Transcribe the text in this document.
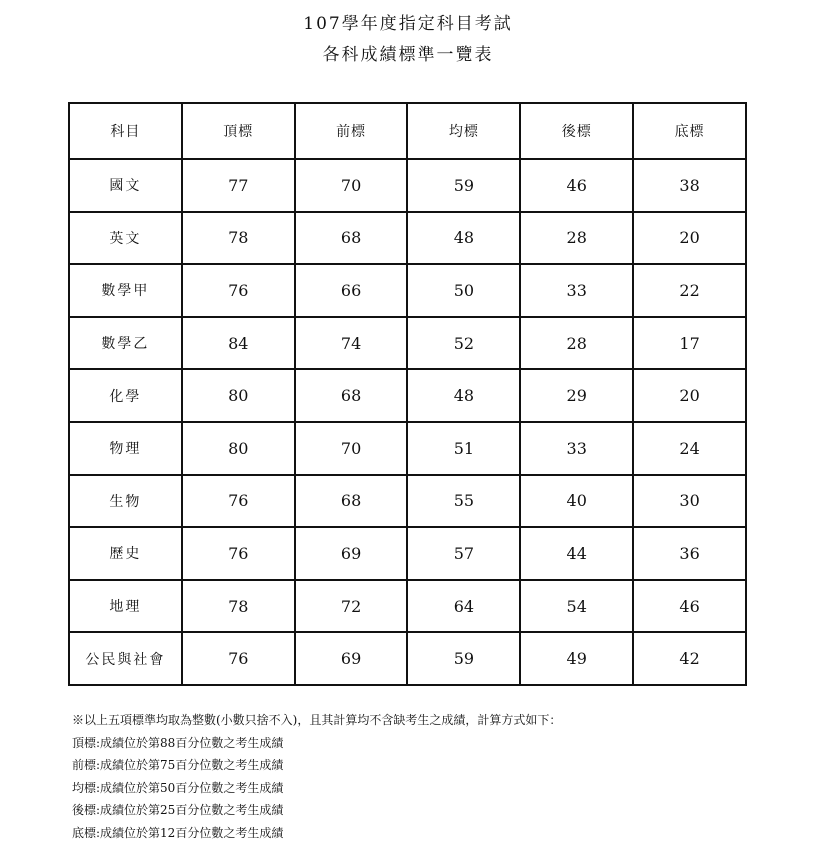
107學年度指定科目考試
各科成績標準一覽表
科目	頂標	前標	均標	後標	底標
國文	77	70	59	46	38
英文	78	68	48	28	20
數學甲	76	66	50	33	22
數學乙	84	74	52	28	17
化學	80	68	48	29	20
物理	80	70	51	33	24
生物	76	68	55	40	30
歷史	76	69	57	44	36
地理	78	72	64	54	46
公民與社會	76	69	59	49	42
※以上五項標準均取為整數(小數只捨不入)，且其計算均不含缺考生之成績，計算方式如下：
頂標:成績位於第88百分位數之考生成績
前標:成績位於第75百分位數之考生成績
均標:成績位於第50百分位數之考生成績
後標:成績位於第25百分位數之考生成績
底標:成績位於第12百分位數之考生成績
